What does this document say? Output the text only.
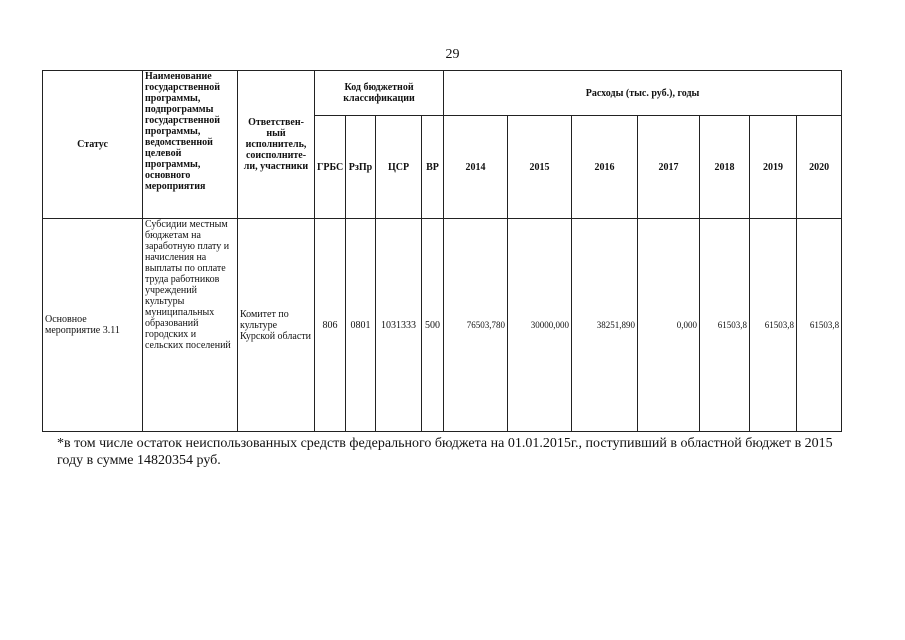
29
Статус	Наименование государственной программы, подпрограммы государственной программы, ведомственной целевой программы, основного мероприятия	Ответствен-ный исполнитель, соисполните-ли, участники	Код бюджетной классификации				Расходы (тыс. руб.), годы						
			ГРБС	РзПр	ЦСР	ВР	2014	2015	2016	2017	2018	2019	2020
Основное мероприятие 3.11	Субсидии местным бюджетам на заработную плату и начисления на выплаты по оплате труда работников учреждений культуры муниципальных образований городских и сельских поселений	Комитет по культуре Курской области	806	0801	1031333	500	76503,780	30000,000	38251,890	0,000	61503,8	61503,8	61503,8
*в том числе остаток неиспользованных средств федерального бюджета на 01.01.2015г., поступивший в областной бюджет в 2015 году в сумме 14820354 руб.
